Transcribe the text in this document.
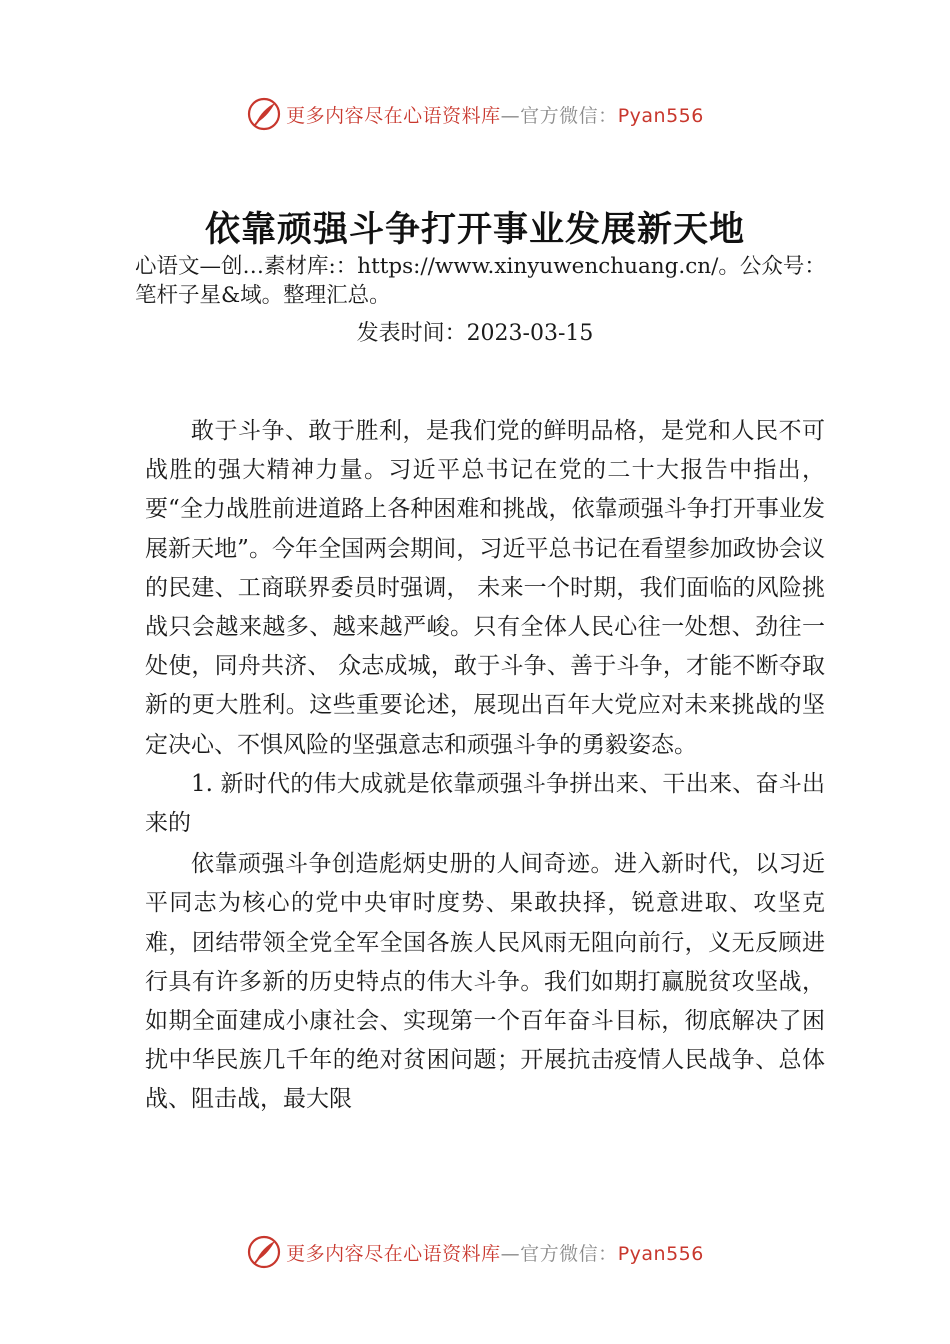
更多内容尽在心语资料库—官方微信：Pyan556
依靠顽强斗争打开事业发展新天地
心语文—创…素材库:：https://www.xinyuwenchuang.cn/。公众号：笔杆子星&域。整理汇总。
发表时间：2023-03-15

敢于斗争、敢于胜利，是我们党的鲜明品格，是党和人民不可战胜的强大精神力量。习近平总书记在党的二十大报告中指出，要“全力战胜前进道路上各种困难和挑战，依靠顽强斗争打开事业发展新天地”。今年全国两会期间，习近平总书记在看望参加政协会议的民建、工商联界委员时强调， 未来一个时期，我们面临的风险挑战只会越来越多、越来越严峻。只有全体人民心往一处想、劲往一处使，同舟共济、 众志成城，敢于斗争、善于斗争，才能不断夺取新的更大胜利。这些重要论述，展现出百年大党应对未来挑战的坚定决心、不惧风险的坚强意志和顽强斗争的勇毅姿态。

1. 新时代的伟大成就是依靠顽强斗争拼出来、干出来、奋斗出来的

依靠顽强斗争创造彪炳史册的人间奇迹。进入新时代，以习近平同志为核心的党中央审时度势、果敢抉择，锐意进取、攻坚克难，团结带领全党全军全国各族人民风雨无阻向前行，义无反顾进行具有许多新的历史特点的伟大斗争。我们如期打赢脱贫攻坚战，如期全面建成小康社会、实现第一个百年奋斗目标，彻底解决了困扰中华民族几千年的绝对贫困问题；开展抗击疫情人民战争、总体战、阻击战，最大限

更多内容尽在心语资料库—官方微信：Pyan556
